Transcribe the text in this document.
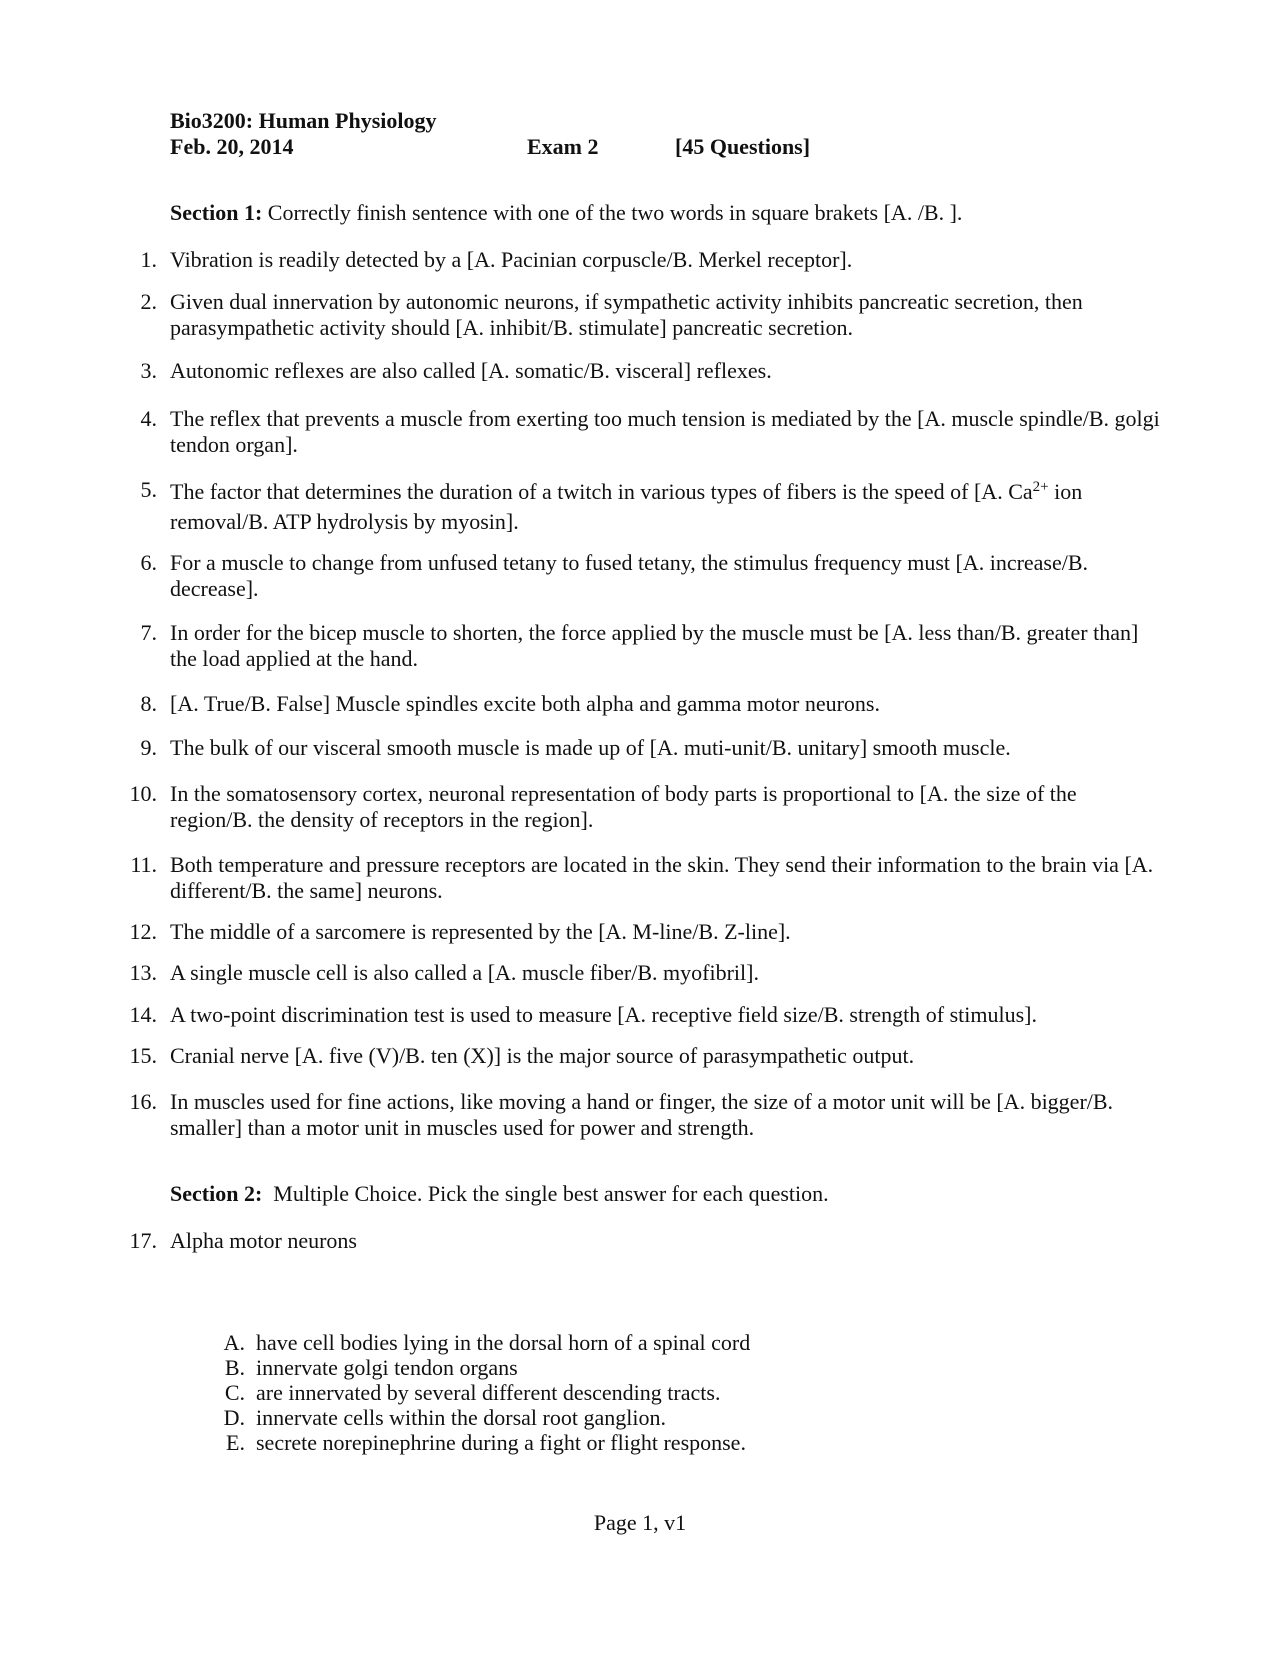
Bio3200: Human Physiology
Feb. 20, 2014	Exam 2	[45 Questions]
Section 1: Correctly finish sentence with one of the two words in square brakets [A. /B. ].
1. Vibration is readily detected by a [A. Pacinian corpuscle/B. Merkel receptor].
2. Given dual innervation by autonomic neurons, if sympathetic activity inhibits pancreatic secretion, then parasympathetic activity should [A. inhibit/B. stimulate] pancreatic secretion.
3. Autonomic reflexes are also called [A. somatic/B. visceral] reflexes.
4. The reflex that prevents a muscle from exerting too much tension is mediated by the [A. muscle spindle/B. golgi tendon organ].
5. The factor that determines the duration of a twitch in various types of fibers is the speed of [A. $Ca^{2+}$ ion removal/B. ATP hydrolysis by myosin].
6. For a muscle to change from unfused tetany to fused tetany, the stimulus frequency must [A. increase/B. decrease].
7. In order for the bicep muscle to shorten, the force applied by the muscle must be [A. less than/B. greater than] the load applied at the hand.
8. [A. True/B. False] Muscle spindles excite both alpha and gamma motor neurons.
9. The bulk of our visceral smooth muscle is made up of [A. muti-unit/B. unitary] smooth muscle.
10. In the somatosensory cortex, neuronal representation of body parts is proportional to [A. the size of the region/B. the density of receptors in the region].
11. Both temperature and pressure receptors are located in the skin. They send their information to the brain via [A. different/B. the same] neurons.
12. The middle of a sarcomere is represented by the [A. M-line/B. Z-line].
13. A single muscle cell is also called a [A. muscle fiber/B. myofibril].
14. A two-point discrimination test is used to measure [A. receptive field size/B. strength of stimulus].
15. Cranial nerve [A. five (V)/B. ten (X)] is the major source of parasympathetic output.
16. In muscles used for fine actions, like moving a hand or finger, the size of a motor unit will be [A. bigger/B. smaller] than a motor unit in muscles used for power and strength.
Section 2:  Multiple Choice. Pick the single best answer for each question.
17. Alpha motor neurons
A. have cell bodies lying in the dorsal horn of a spinal cord
B. innervate golgi tendon organs
C. are innervated by several different descending tracts.
D. innervate cells within the dorsal root ganglion.
E. secrete norepinephrine during a fight or flight response.
Page 1, v1
